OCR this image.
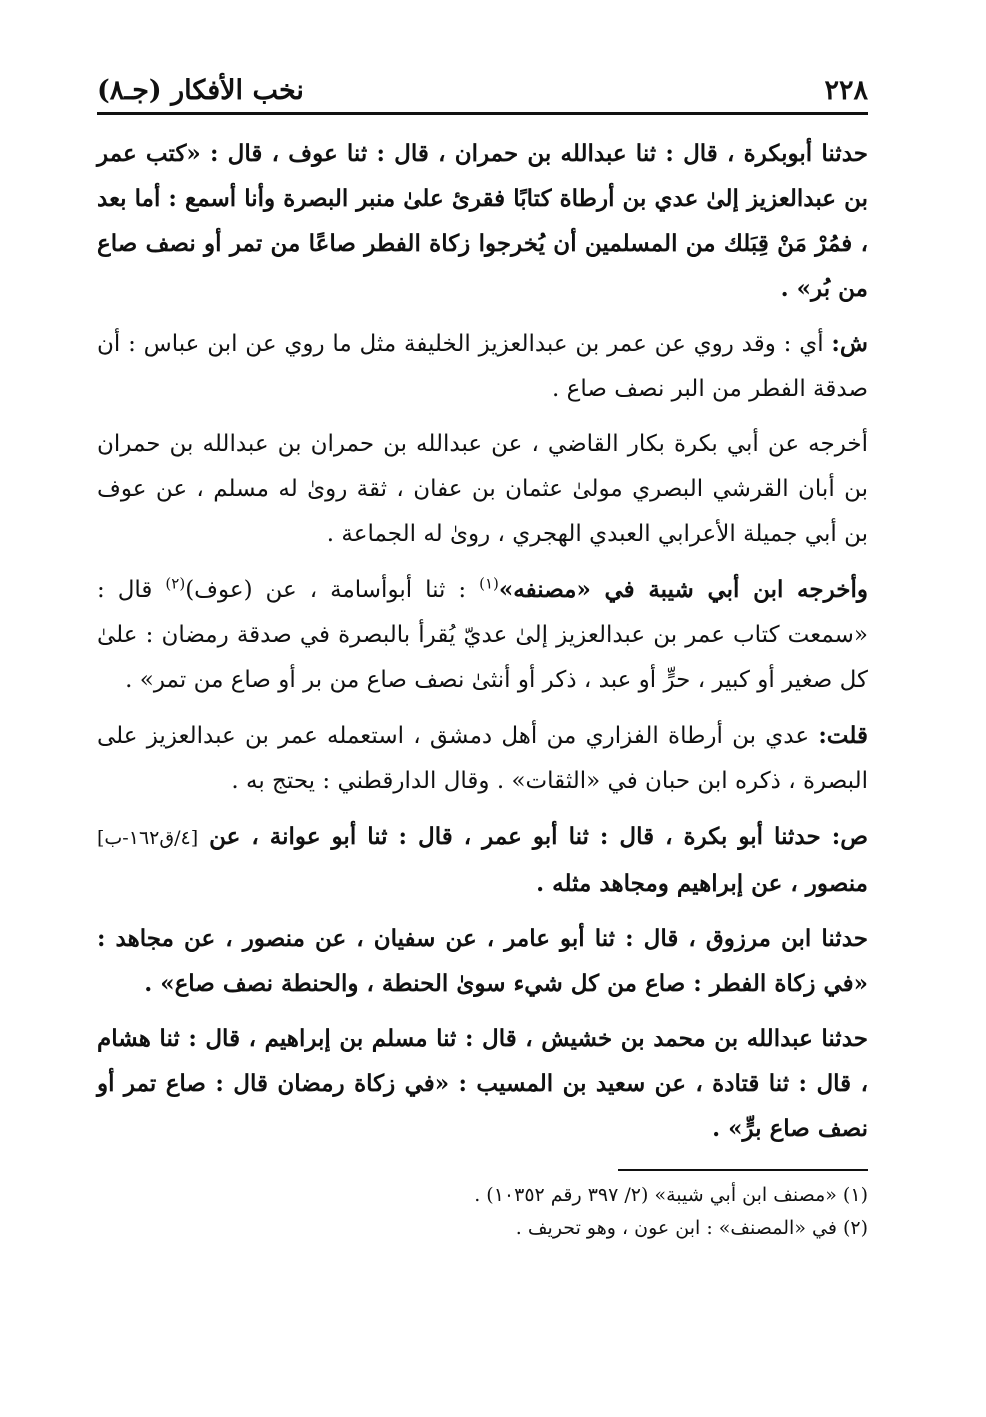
٢٢٨
نخب الأفكار (جـ٨)

حدثنا أبوبكرة ، قال : ثنا عبدالله بن حمران ، قال : ثنا عوف ، قال : «كتب عمر بن عبدالعزيز إلىٰ عدي بن أرطاة كتابًا فقرئ علىٰ منبر البصرة وأنا أسمع : أما بعد ، فمُرْ مَنْ قِبَلك من المسلمين أن يُخرجوا زكاة الفطر صاعًا من تمر أو نصف صاع من بُر» .

ش: أي : وقد روي عن عمر بن عبدالعزيز الخليفة مثل ما روي عن ابن عباس : أن صدقة الفطر من البر نصف صاع .

أخرجه عن أبي بكرة بكار القاضي ، عن عبدالله بن حمران بن عبدالله بن حمران بن أبان القرشي البصري مولىٰ عثمان بن عفان ، ثقة روىٰ له مسلم ، عن عوف بن أبي جميلة الأعرابي العبدي الهجري ، روىٰ له الجماعة .

وأخرجه ابن أبي شيبة في «مصنفه»$^{(١)}$ : ثنا أبوأسامة ، عن (عوف)$^{(٢)}$ قال : «سمعت كتاب عمر بن عبدالعزيز إلىٰ عديّ يُقرأ بالبصرة في صدقة رمضان : علىٰ كل صغير أو كبير ، حرٍّ أو عبد ، ذكر أو أنثىٰ نصف صاع من بر أو صاع من تمر» .

قلت: عدي بن أرطاة الفزاري من أهل دمشق ، استعمله عمر بن عبدالعزيز على البصرة ، ذكره ابن حبان في «الثقات» . وقال الدارقطني : يحتج به .

ص: حدثنا أبو بكرة ، قال : ثنا أبو عمر ، قال : ثنا أبو عوانة ، عن [٤/ق١٦٢-ب] منصور ، عن إبراهيم ومجاهد مثله .

حدثنا ابن مرزوق ، قال : ثنا أبو عامر ، عن سفيان ، عن منصور ، عن مجاهد : «في زكاة الفطر : صاع من كل شيء سوىٰ الحنطة ، والحنطة نصف صاع» .

حدثنا عبدالله بن محمد بن خشيش ، قال : ثنا مسلم بن إبراهيم ، قال : ثنا هشام ، قال : ثنا قتادة ، عن سعيد بن المسيب : «في زكاة رمضان قال : صاع تمر أو نصف صاع برٍّ» .

(١) «مصنف ابن أبي شيبة» (٢/ ٣٩٧ رقم ١٠٣٥٢) .

(٢) في «المصنف» : ابن عون ، وهو تحريف .
